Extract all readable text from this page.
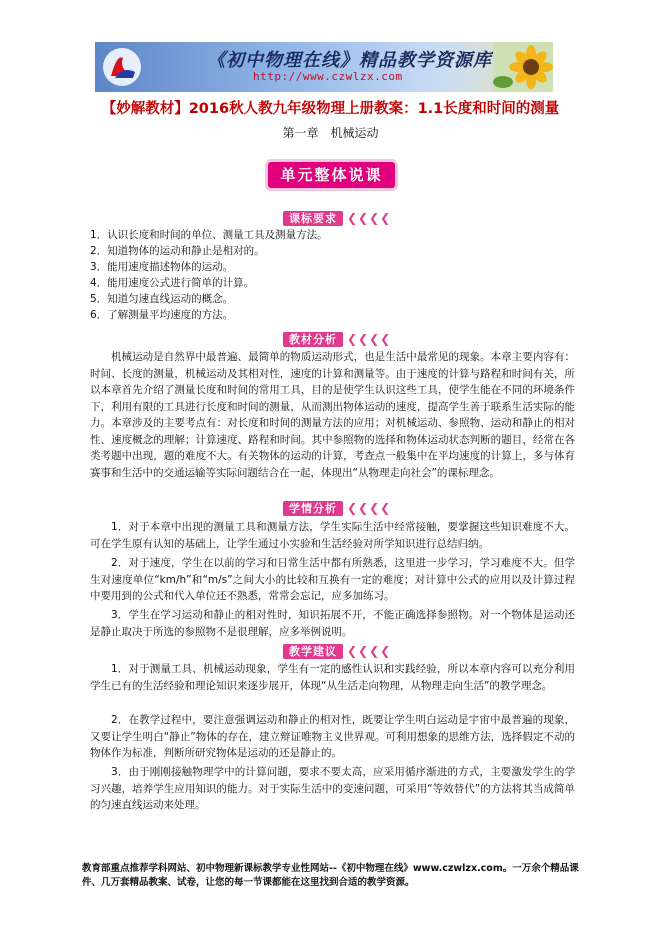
《初中物理在线》精品教学资源库
http://www.czwlzx.com
【妙解教材】2016秋人教九年级物理上册教案：1.1长度和时间的测量
第一章　机械运动
单元整体说课
课标要求 ❮❮❮❮
1．认识长度和时间的单位、测量工具及测量方法。
2．知道物体的运动和静止是相对的。
3．能用速度描述物体的运动。
4．能用速度公式进行简单的计算。
5．知道匀速直线运动的概念。
6．了解测量平均速度的方法。
教材分析 ❮❮❮❮

机械运动是自然界中最普遍、最简单的物质运动形式，也是生活中最常见的现象。本章主要内容有：时间、长度的测量，机械运动及其相对性，速度的计算和测量等。由于速度的计算与路程和时间有关，所以本章首先介绍了测量长度和时间的常用工具，目的是使学生认识这些工具，使学生能在不同的环境条件下，利用有限的工具进行长度和时间的测量，从而测出物体运动的速度，提高学生善于联系生活实际的能力。本章涉及的主要考点有：对长度和时间的测量方法的应用；对机械运动、参照物、运动和静止的相对性、速度概念的理解；计算速度、路程和时间。其中参照物的选择和物体运动状态判断的题目，经常在各类考题中出现，题的难度不大。有关物体的运动的计算，考查点一般集中在平均速度的计算上，多与体育赛事和生活中的交通运输等实际问题结合在一起，体现出“从物理走向社会”的课标理念。

学情分析 ❮❮❮❮

1．对于本章中出现的测量工具和测量方法，学生实际生活中经常接触，要掌握这些知识难度不大。可在学生原有认知的基础上，让学生通过小实验和生活经验对所学知识进行总结归纳。

2．对于速度，学生在以前的学习和日常生活中都有所熟悉，这里进一步学习，学习难度不大。但学生对速度单位“km/h”和“m/s”之间大小的比较和互换有一定的难度；对计算中公式的应用以及计算过程中要用到的公式和代入单位还不熟悉，常常会忘记，应多加练习。

3．学生在学习运动和静止的相对性时，知识拓展不开，不能正确选择参照物。对一个物体是运动还是静止取决于所选的参照物不是很理解，应多举例说明。

教学建议 ❮❮❮❮

1．对于测量工具、机械运动现象，学生有一定的感性认识和实践经验，所以本章内容可以充分利用学生已有的生活经验和理论知识来逐步展开，体现“从生活走向物理，从物理走向生活”的教学理念。

2．在教学过程中，要注意强调运动和静止的相对性，既要让学生明白运动是宇宙中最普遍的现象，又要让学生明白“静止”物体的存在，建立辩证唯物主义世界观。可利用想象的思维方法，选择假定不动的物体作为标准，判断所研究物体是运动的还是静止的。

3．由于刚刚接触物理学中的计算问题，要求不要太高，应采用循序渐进的方式，主要激发学生的学习兴趣，培养学生应用知识的能力。对于实际生活中的变速问题，可采用“等效替代”的方法将其当成简单的匀速直线运动来处理。

教育部重点推荐学科网站、初中物理新课标教学专业性网站--《初中物理在线》www.czwlzx.com。一万余个精品课件、几万套精品教案、试卷，让您的每一节课都能在这里找到合适的教学资源。
